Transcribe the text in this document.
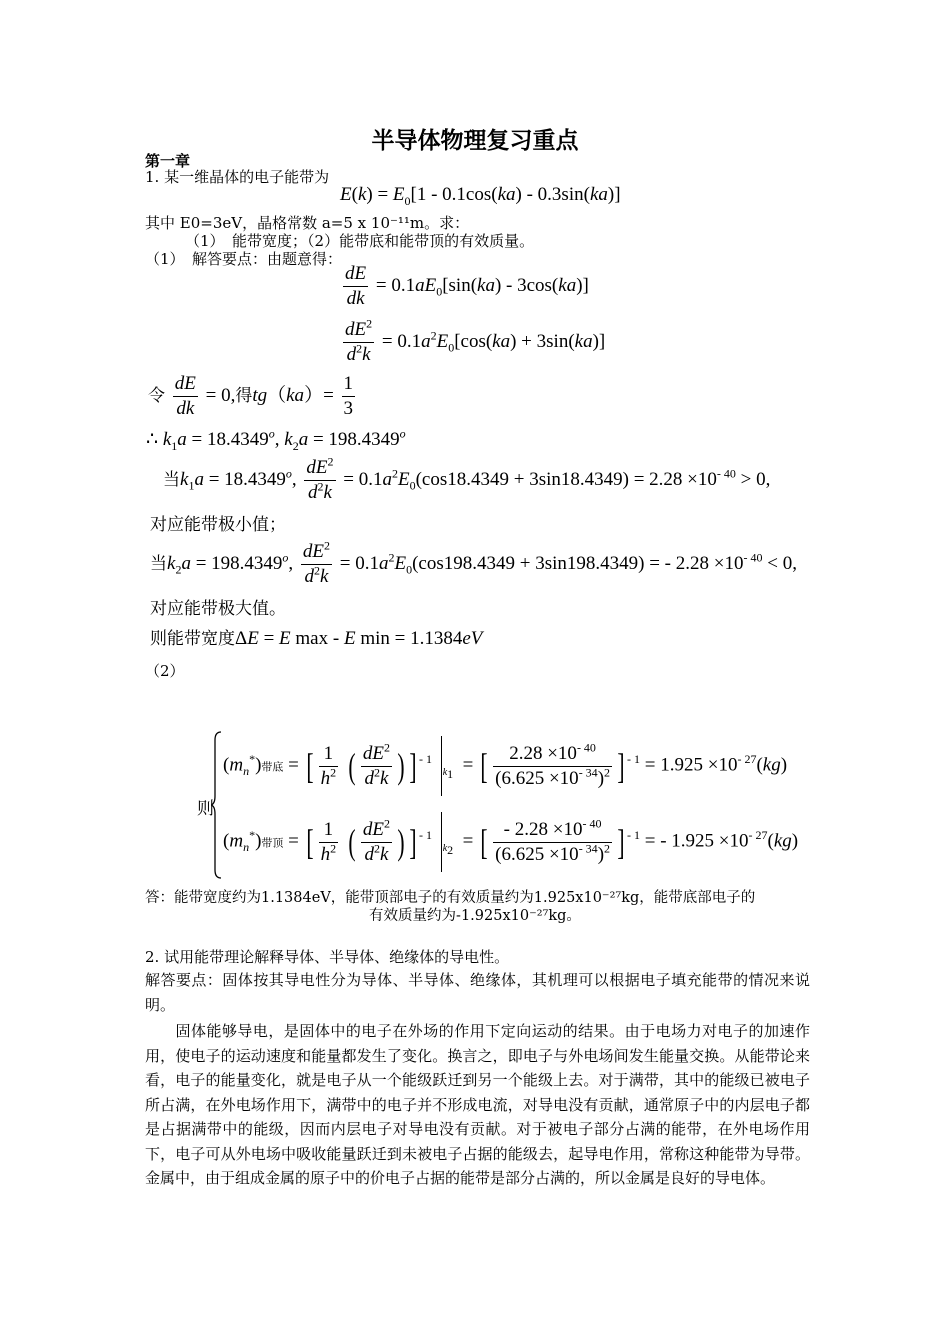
半导体物理复习重点
第一章
1. 某一维晶体的电子能带为
$E(k) = E_0[1 - 0.1\cos(ka) - 0.3\sin(ka)]$
其中 E0=3eV，晶格常数 a=5 x 10⁻¹¹m。求：
（1）　能带宽度；（2）能带底和能带顶的有效质量。
（1）　解答要点：由题意得：
$\frac{dE}{dk} = 0.1aE_0[\sin(ka) - 3\cos(ka)]$
$\frac{dE^2}{d^2k} = 0.1a^2E_0[\cos(ka) + 3\sin(ka)]$
令 $\frac{dE}{dk} = 0$,得$tg(ka)= \frac{1}{3}$
∴ $k_1a = 18.4349^o$, $k_2a = 198.4349^o$
当$k_1a = 18.4349^o$, $\frac{dE^2}{d^2k} = 0.1a^2E_0(\cos 18.4349 + 3\sin 18.4349) = 2.28 \times 10^{- 40} > 0$,
对应能带极小值；
当$k_2a = 198.4349^o$, $\frac{dE^2}{d^2k} = 0.1a^2E_0(\cos 198.4349 + 3\sin 198.4349)$ = - $2.28 \times 10^{- 40} < 0$,
对应能带极大值。
则能带宽度ΔE = E max - E min = 1.1384eV
（2）
则
$(m_n^*)$带底 = [ $\frac{1}{h^2}$ ( $\frac{dE^2}{d^2k}$ ) ] $^{- 1}$ $_{k_1}$  = [ $\frac{2.28 \times 10^{- 40}}{(6.625 \times 10^{- 34})^2}$ ] $^{- 1} = 1.925 \times 10^{- 27}(kg)$
$(m_n^*)$带顶 = [ $\frac{1}{h^2}$ ( $\frac{dE^2}{d^2k}$ ) ] $^{- 1}$ $_{k_2}$  = [ $\frac{- 2.28 \times 10^{- 40}}{(6.625 \times 10^{- 34})^2}$ ] $^{- 1}$ = - $1.925 \times 10^{- 27}(kg)$
答：能带宽度约为1.1384eV，能带顶部电子的有效质量约为1.925x10⁻²⁷kg，能带底部电子的
有效质量约为-1.925x10⁻²⁷kg。
2. 试用能带理论解释导体、半导体、绝缘体的导电性。
解答要点：固体按其导电性分为导体、半导体、绝缘体，其机理可以根据电子填充能带的情况来说明。
固体能够导电，是固体中的电子在外场的作用下定向运动的结果。由于电场力对电子的加速作用，使电子的运动速度和能量都发生了变化。换言之，即电子与外电场间发生能量交换。从能带论来看，电子的能量变化，就是电子从一个能级跃迁到另一个能级上去。对于满带，其中的能级已被电子所占满，在外电场作用下，满带中的电子并不形成电流，对导电没有贡献，通常原子中的内层电子都是占据满带中的能级，因而内层电子对导电没有贡献。对于被电子部分占满的能带，在外电场作用下，电子可从外电场中吸收能量跃迁到未被电子占据的能级去，起导电作用，常称这种能带为导带。金属中，由于组成金属的原子中的价电子占据的能带是部分占满的，所以金属是良好的导电体。
